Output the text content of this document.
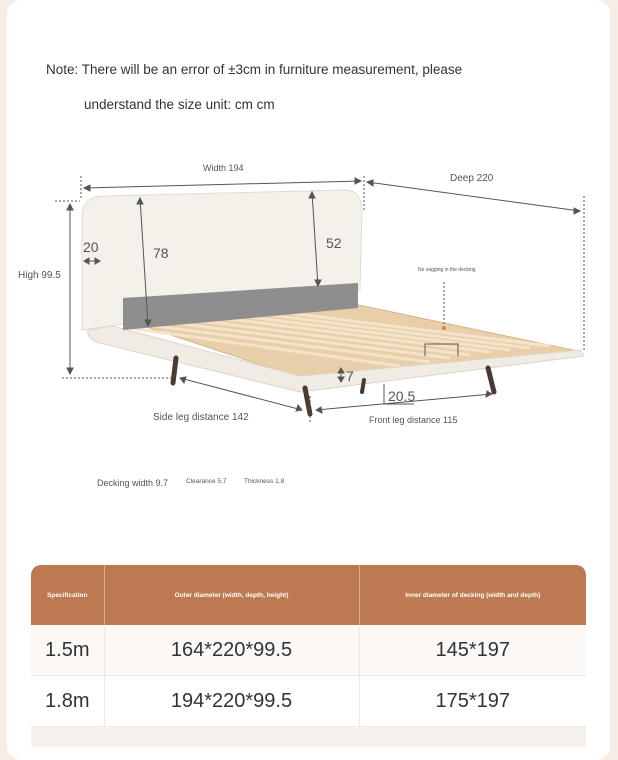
Note: There will be an error of ±3cm in furniture measurement, please
understand the size unit: cm cm
Width 194
Deep 220
High 99.5
20	78
52
No sagging in the decking
7
20.5
Side leg distance 142	Front leg distance 115
Decking width 9.7	Clearance 5.7	Thickness 1.8
Specification	Outer diameter (width, depth, height)	Inner diameter of decking (width and depth)
1.5m	164*220*99.5	145*197
1.8m	194*220*99.5	175*197
